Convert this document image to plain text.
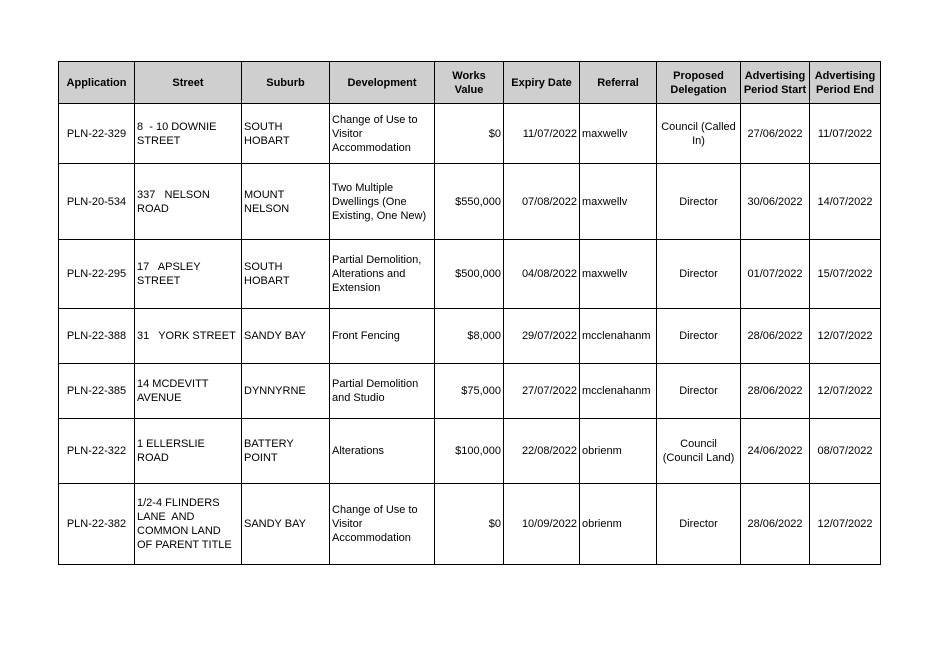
Application	Street	Suburb	Development	Works Value	Expiry Date	Referral	Proposed Delegation	Advertising Period Start	Advertising Period End
PLN-22-329	8  - 10 DOWNIE STREET	SOUTH HOBART	Change of Use to Visitor Accommodation	$0	11/07/2022	maxwellv	Council (Called In)	27/06/2022	11/07/2022
PLN-20-534	337   NELSON ROAD	MOUNT NELSON	Two Multiple Dwellings (One Existing, One New)	$550,000	07/08/2022	maxwellv	Director	30/06/2022	14/07/2022
PLN-22-295	17   APSLEY STREET	SOUTH HOBART	Partial Demolition, Alterations and Extension	$500,000	04/08/2022	maxwellv	Director	01/07/2022	15/07/2022
PLN-22-388	31   YORK STREET	SANDY BAY	Front Fencing	$8,000	29/07/2022	mcclenahanm	Director	28/06/2022	12/07/2022
PLN-22-385	14 MCDEVITT AVENUE	DYNNYRNE	Partial Demolition and Studio	$75,000	27/07/2022	mcclenahanm	Director	28/06/2022	12/07/2022
PLN-22-322	1 ELLERSLIE ROAD	BATTERY POINT	Alterations	$100,000	22/08/2022	obrienm	Council (Council Land)	24/06/2022	08/07/2022
PLN-22-382	1/2-4 FLINDERS LANE  AND COMMON LAND OF PARENT TITLE	SANDY BAY	Change of Use to Visitor Accommodation	$0	10/09/2022	obrienm	Director	28/06/2022	12/07/2022
